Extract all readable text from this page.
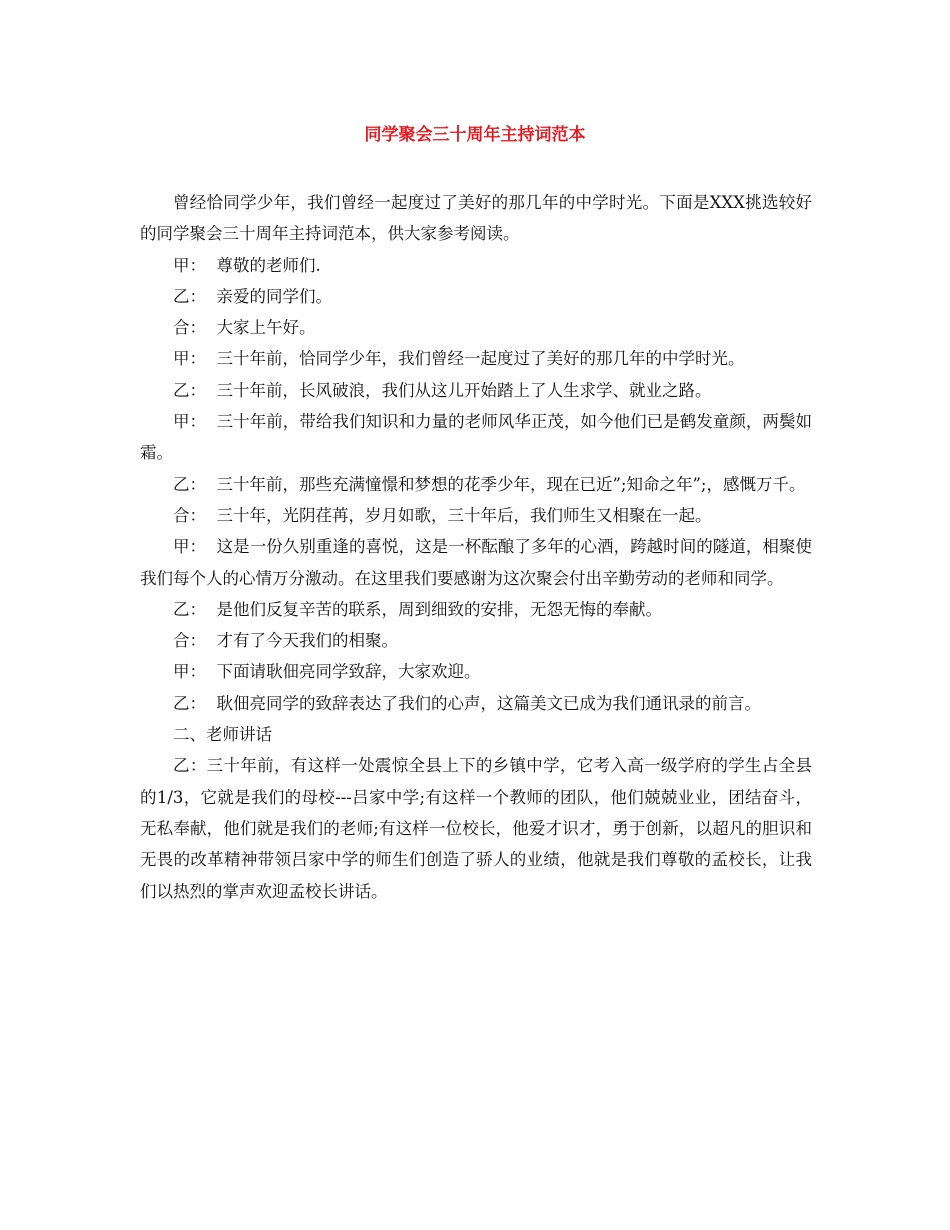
同学聚会三十周年主持词范本

曾经恰同学少年，我们曾经一起度过了美好的那几年的中学时光。下面是XXX挑选较好的同学聚会三十周年主持词范本，供大家参考阅读。

甲：  尊敬的老师们.

乙：  亲爱的同学们。

合：  大家上午好。

甲：  三十年前，恰同学少年，我们曾经一起度过了美好的那几年的中学时光。

乙：  三十年前，长风破浪，我们从这儿开始踏上了人生求学、就业之路。

甲：  三十年前，带给我们知识和力量的老师风华正茂，如今他们已是鹤发童颜，两鬓如霜。

乙：  三十年前，那些充满憧憬和梦想的花季少年，现在已近”;知命之年”;，感慨万千。

合：  三十年，光阴荏苒，岁月如歌，三十年后，我们师生又相聚在一起。

甲：  这是一份久别重逢的喜悦，这是一杯酝酿了多年的心酒，跨越时间的隧道，相聚使我们每个人的心情万分激动。在这里我们要感谢为这次聚会付出辛勤劳动的老师和同学。

乙：  是他们反复辛苦的联系，周到细致的安排，无怨无悔的奉献。

合：  才有了今天我们的相聚。

甲：  下面请耿佃亮同学致辞，大家欢迎。

乙：  耿佃亮同学的致辞表达了我们的心声，这篇美文已成为我们通讯录的前言。

二、老师讲话

乙：三十年前，有这样一处震惊全县上下的乡镇中学，它考入高一级学府的学生占全县的1/3，它就是我们的母校---吕家中学;有这样一个教师的团队，他们兢兢业业，团结奋斗，无私奉献，他们就是我们的老师;有这样一位校长，他爱才识才，勇于创新，以超凡的胆识和无畏的改革精神带领吕家中学的师生们创造了骄人的业绩，他就是我们尊敬的孟校长，让我们以热烈的掌声欢迎孟校长讲话。
